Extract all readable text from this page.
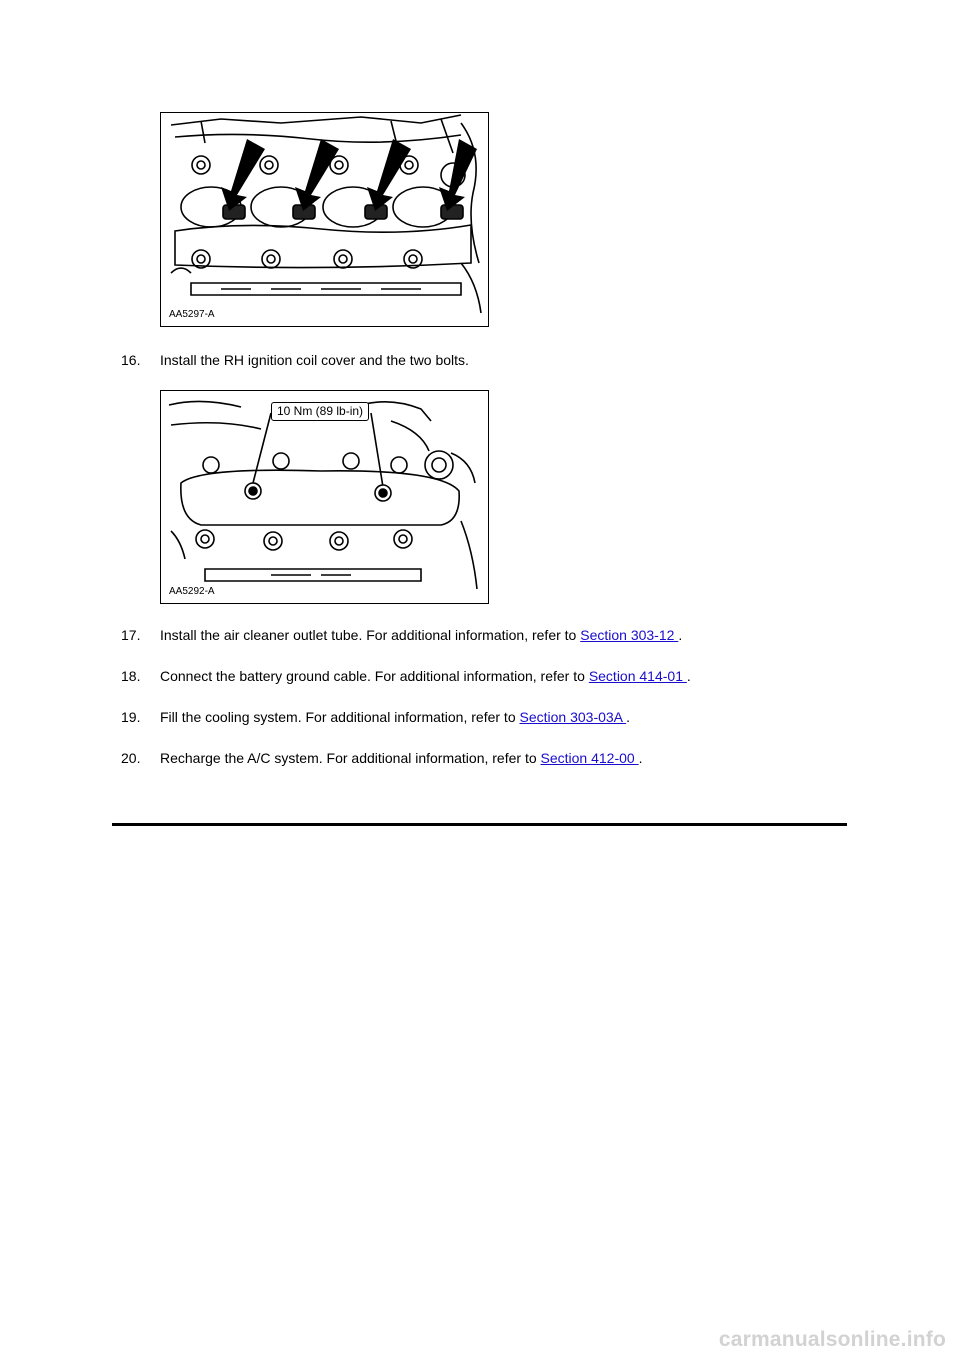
AA5297-A
16. Install the RH ignition coil cover and the two bolts.
10 Nm (89 lb-in)
AA5292-A
17. Install the air cleaner outlet tube. For additional information, refer to Section 303-12 .
18. Connect the battery ground cable. For additional information, refer to Section 414-01 .
19. Fill the cooling system. For additional information, refer to Section 303-03A .
20. Recharge the A/C system. For additional information, refer to Section 412-00 .
carmanualsonline.info
